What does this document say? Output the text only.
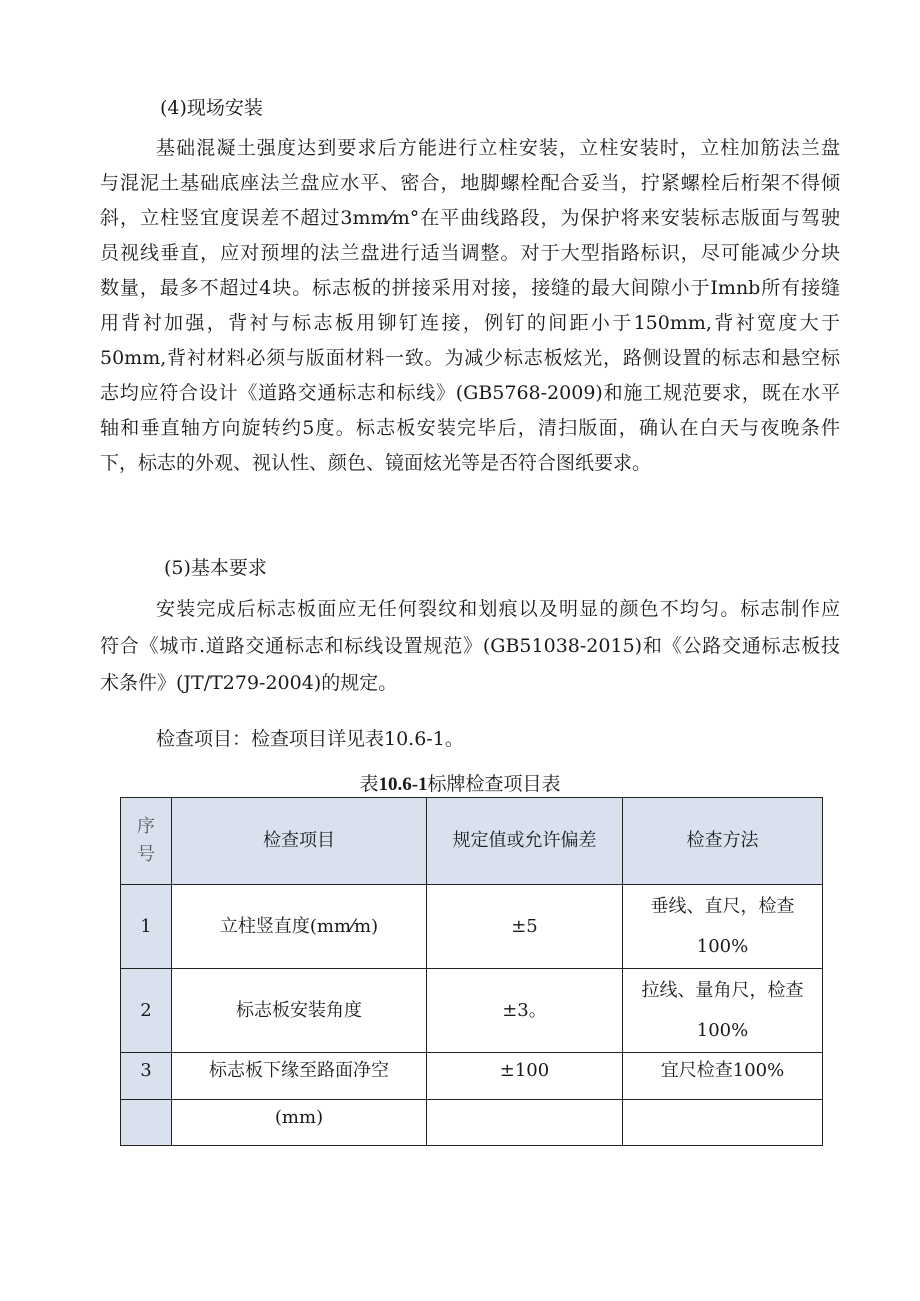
(4)现场安装
基础混凝土强度达到要求后方能进行立柱安装，立柱安装时，立柱加筋法兰盘
与混泥土基础底座法兰盘应水平、密合，地脚螺栓配合妥当，拧紧螺栓后桁架不得倾
斜，立柱竖宜度误差不超过3mm⁄m°在平曲线路段，为保护将来安装标志版面与驾驶
员视线垂直，应对预埋的法兰盘进行适当调整。对于大型指路标识，尽可能减少分块
数量，最多不超过4块。标志板的拼接采用对接，接缝的最大间隙小于Imnb所有接缝
用背衬加强，背衬与标志板用铆钉连接，例钉的间距小于150mm,背衬宽度大于
50mm,背衬材料必须与版面材料一致。为减少标志板炫光，路侧设置的标志和悬空标
志均应符合设计《道路交通标志和标线》(GB5768-2009)和施工规范要求，既在水平
轴和垂直轴方向旋转约5度。标志板安装完毕后，清扫版面，确认在白天与夜晚条件
下，标志的外观、视认性、颜色、镜面炫光等是否符合图纸要求。
(5)基本要求
安装完成后标志板面应无任何裂纹和划痕以及明显的颜色不均匀。标志制作应
符合《城市.道路交通标志和标线设置规范》(GB51038-2015)和《公路交通标志板技
术条件》(JT/T279-2004)的规定。
检查项目：检查项目详见表10.6-1。
表10.6-1标牌检查项目表
序
号	检查项目	规定值或允许偏差	检查方法
1	立柱竖直度(mm⁄m)	±5	垂线、直尺，检查
100%

2	标志板安装角度	±3。	拉线、量角尺，检查
100%

3	标志板下缘至路面净空	±100	宜尺检查100%
	(mm)		
